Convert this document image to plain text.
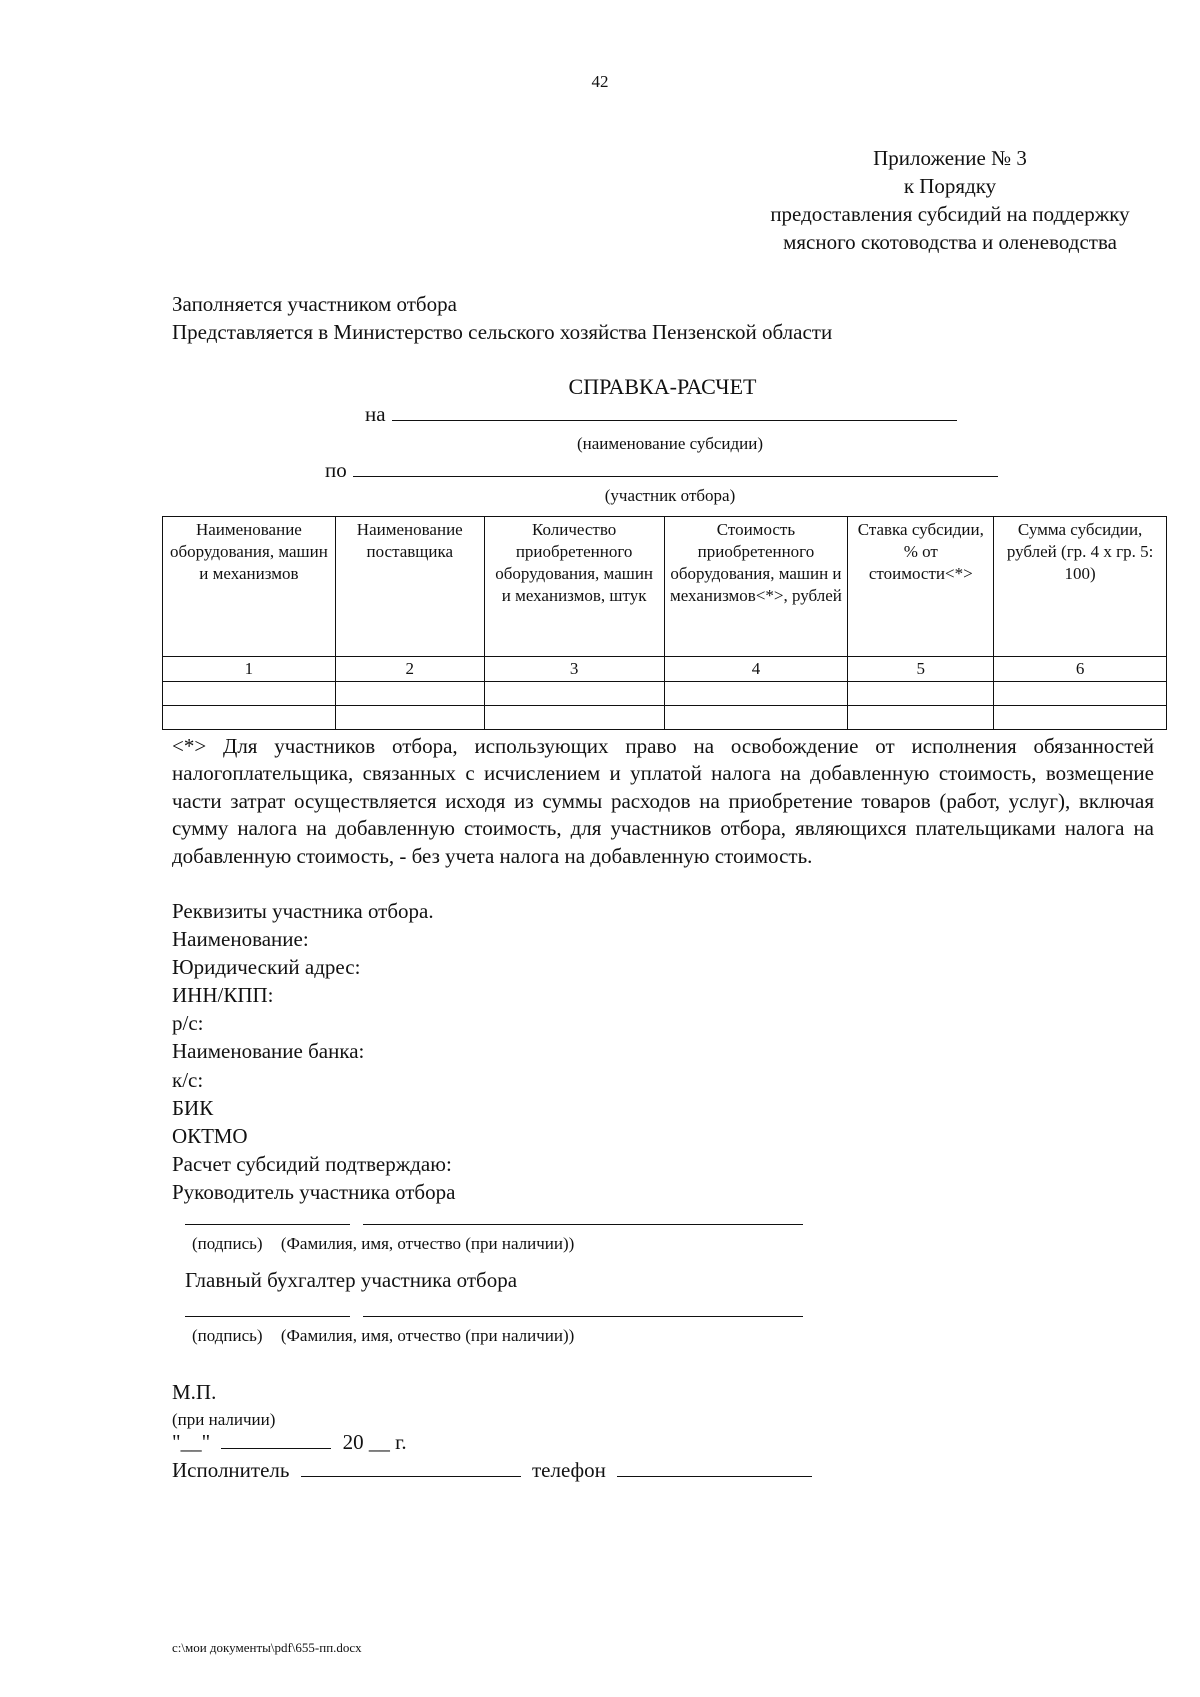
42
Приложение № 3
к Порядку
предоставления субсидий на поддержку
мясного скотоводства и оленеводства
Заполняется участником отбора
Представляется в Министерство сельского хозяйства Пензенской области
СПРАВКА-РАСЧЕТ
на
(наименование субсидии)
по
(участник отбора)
Наименование оборудования, машин и механизмов	Наименование поставщика	Количество приобретенного оборудования, машин и механизмов, штук	Стоимость приобретенного оборудования, машин и механизмов<*>, рублей	Ставка субсидии, % от стоимости<*>	Сумма субсидии, рублей (гр. 4 х гр. 5: 100)
1	2	3	4	5	6

<*> Для участников отбора, использующих право на освобождение от исполнения обязанностей налогоплательщика, связанных с исчислением и уплатой налога на добавленную стоимость, возмещение части затрат осуществляется исходя из суммы расходов на приобретение товаров (работ, услуг), включая сумму налога на добавленную стоимость, для участников отбора, являющихся плательщиками налога на добавленную стоимость, - без учета налога на добавленную стоимость.
Реквизиты участника отбора.
Наименование:
Юридический адрес:
ИНН/КПП:
р/с:
Наименование банка:
к/с:
БИК
ОКТМО
Расчет субсидий подтверждаю:
Руководитель участника отбора

(подпись) (Фамилия, имя, отчество (при наличии))
Главный бухгалтер участника отбора

(подпись) (Фамилия, имя, отчество (при наличии))
М.П.
(при наличии)
"__"	20 __ г.
Исполнитель	телефон
c:\мои документы\pdf\655-пп.docx
